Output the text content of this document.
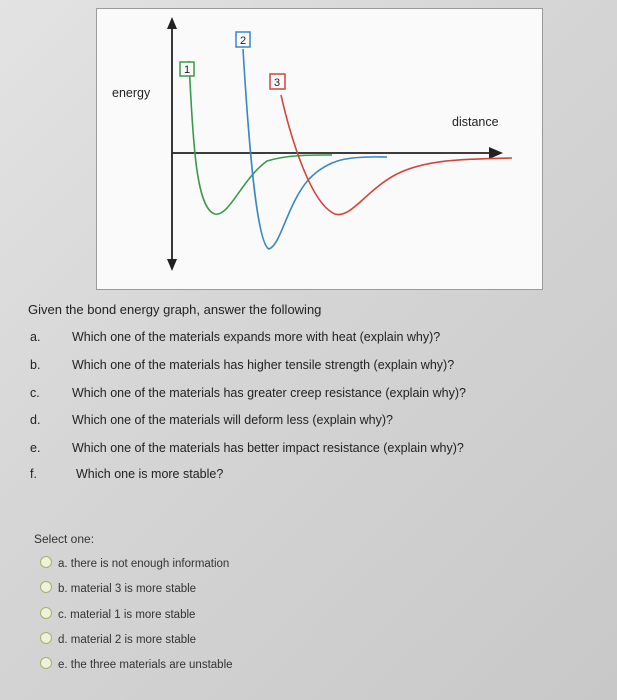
1
2
3
energy
distance
Given the bond energy graph, answer the following
a.	Which one of the materials expands more with heat (explain why)?
b.	Which one of the materials has higher tensile strength (explain why)?
c.	Which one of the materials has greater creep resistance (explain why)?
d.	Which one of the materials will deform less (explain why)?
e.	Which one of the materials has better impact resistance (explain why)?
f.	Which one is more stable?
Select one:
a. there is not enough information
b. material 3 is more stable
c. material 1 is more stable
d. material 2 is more stable
e. the three materials are unstable
